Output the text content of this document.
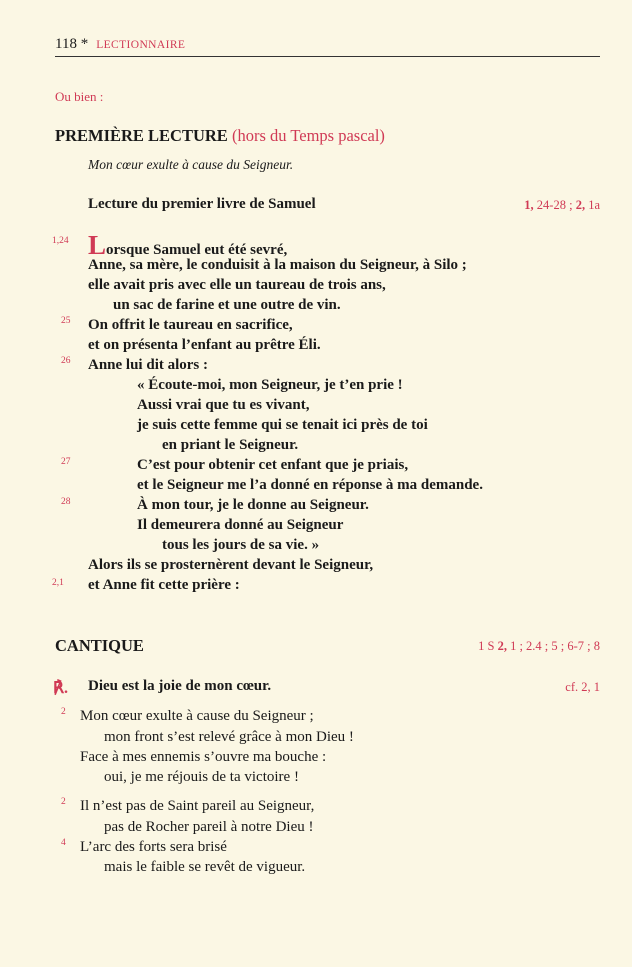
118 * LECTIONNAIRE
Ou bien :
PREMIÈRE LECTURE (hors du Temps pascal)
Mon cœur exulte à cause du Seigneur.
Lecture du premier livre de Samuel	1, 24-28 ; 2, 1a
1,24
25
26
27
28
2,1
Lorsque Samuel eut été sevré,
Anne, sa mère, le conduisit à la maison du Seigneur, à Silo ;
elle avait pris avec elle un taureau de trois ans,
un sac de farine et une outre de vin.
On offrit le taureau en sacrifice,
et on présenta l’enfant au prêtre Éli.
Anne lui dit alors :
« Écoute-moi, mon Seigneur, je t’en prie !
Aussi vrai que tu es vivant,
je suis cette femme qui se tenait ici près de toi
en priant le Seigneur.
C’est pour obtenir cet enfant que je priais,
et le Seigneur me l’a donné en réponse à ma demande.
À mon tour, je le donne au Seigneur.
Il demeurera donné au Seigneur
tous les jours de sa vie. »
Alors ils se prosternèrent devant le Seigneur,
et Anne fit cette prière :
CANTIQUE	1 S 2, 1 ; 2.4 ; 5 ; 6-7 ; 8
℟. Dieu est la joie de mon cœur.	cf. 2, 1
2
2
4
Mon cœur exulte à cause du Seigneur ;
mon front s’est relevé grâce à mon Dieu !
Face à mes ennemis s’ouvre ma bouche :
oui, je me réjouis de ta victoire !
Il n’est pas de Saint pareil au Seigneur,
pas de Rocher pareil à notre Dieu !
L’arc des forts sera brisé
mais le faible se revêt de vigueur.
